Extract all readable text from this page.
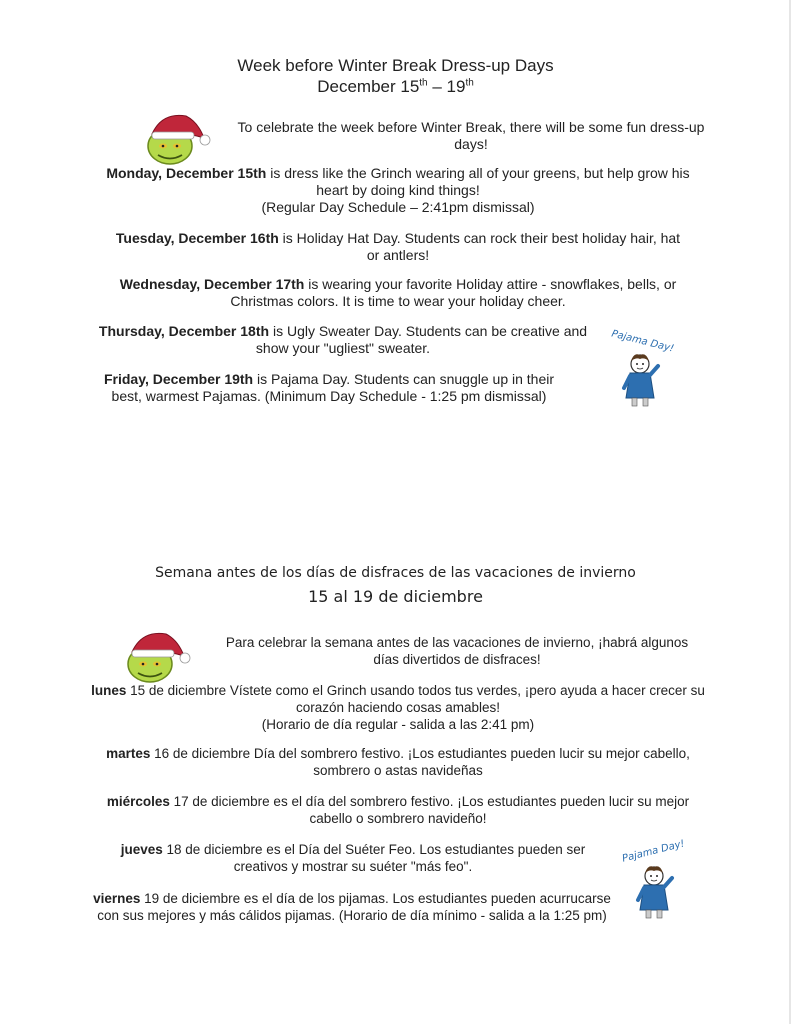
Week before Winter Break Dress-up Days
December 15th – 19th
To celebrate the week before Winter Break, there will be some fun dress-up days!
Monday, December 15th is dress like the Grinch wearing all of your greens, but help grow his heart by doing kind things!
(Regular Day Schedule – 2:41pm dismissal)
Tuesday, December 16th is Holiday Hat Day. Students can rock their best holiday hair, hat or antlers!
Wednesday, December 17th is wearing your favorite Holiday attire - snowflakes, bells, or Christmas colors. It is time to wear your holiday cheer.
Thursday, December 18th is Ugly Sweater Day. Students can be creative and show your "ugliest" sweater.
Friday, December 19th is Pajama Day. Students can snuggle up in their best, warmest Pajamas. (Minimum Day Schedule - 1:25 pm dismissal)
Pajama Day!
Semana antes de los días de disfraces de las vacaciones de invierno
15 al 19 de diciembre
Para celebrar la semana antes de las vacaciones de invierno, ¡habrá algunos días divertidos de disfraces!
lunes 15 de diciembre Vístete como el Grinch usando todos tus verdes, ¡pero ayuda a hacer crecer su corazón haciendo cosas amables!
(Horario de día regular - salida a las 2:41 pm)
martes 16 de diciembre Día del sombrero festivo. ¡Los estudiantes pueden lucir su mejor cabello, sombrero o astas navideñas
miércoles 17 de diciembre es el día del sombrero festivo. ¡Los estudiantes pueden lucir su mejor cabello o sombrero navideño!
jueves 18 de diciembre es el Día del Suéter Feo. Los estudiantes pueden ser creativos y mostrar su suéter "más feo".
viernes 19 de diciembre es el día de los pijamas. Los estudiantes pueden acurrucarse con sus mejores y más cálidos pijamas. (Horario de día mínimo - salida a la 1:25 pm)
Pajama Day!
